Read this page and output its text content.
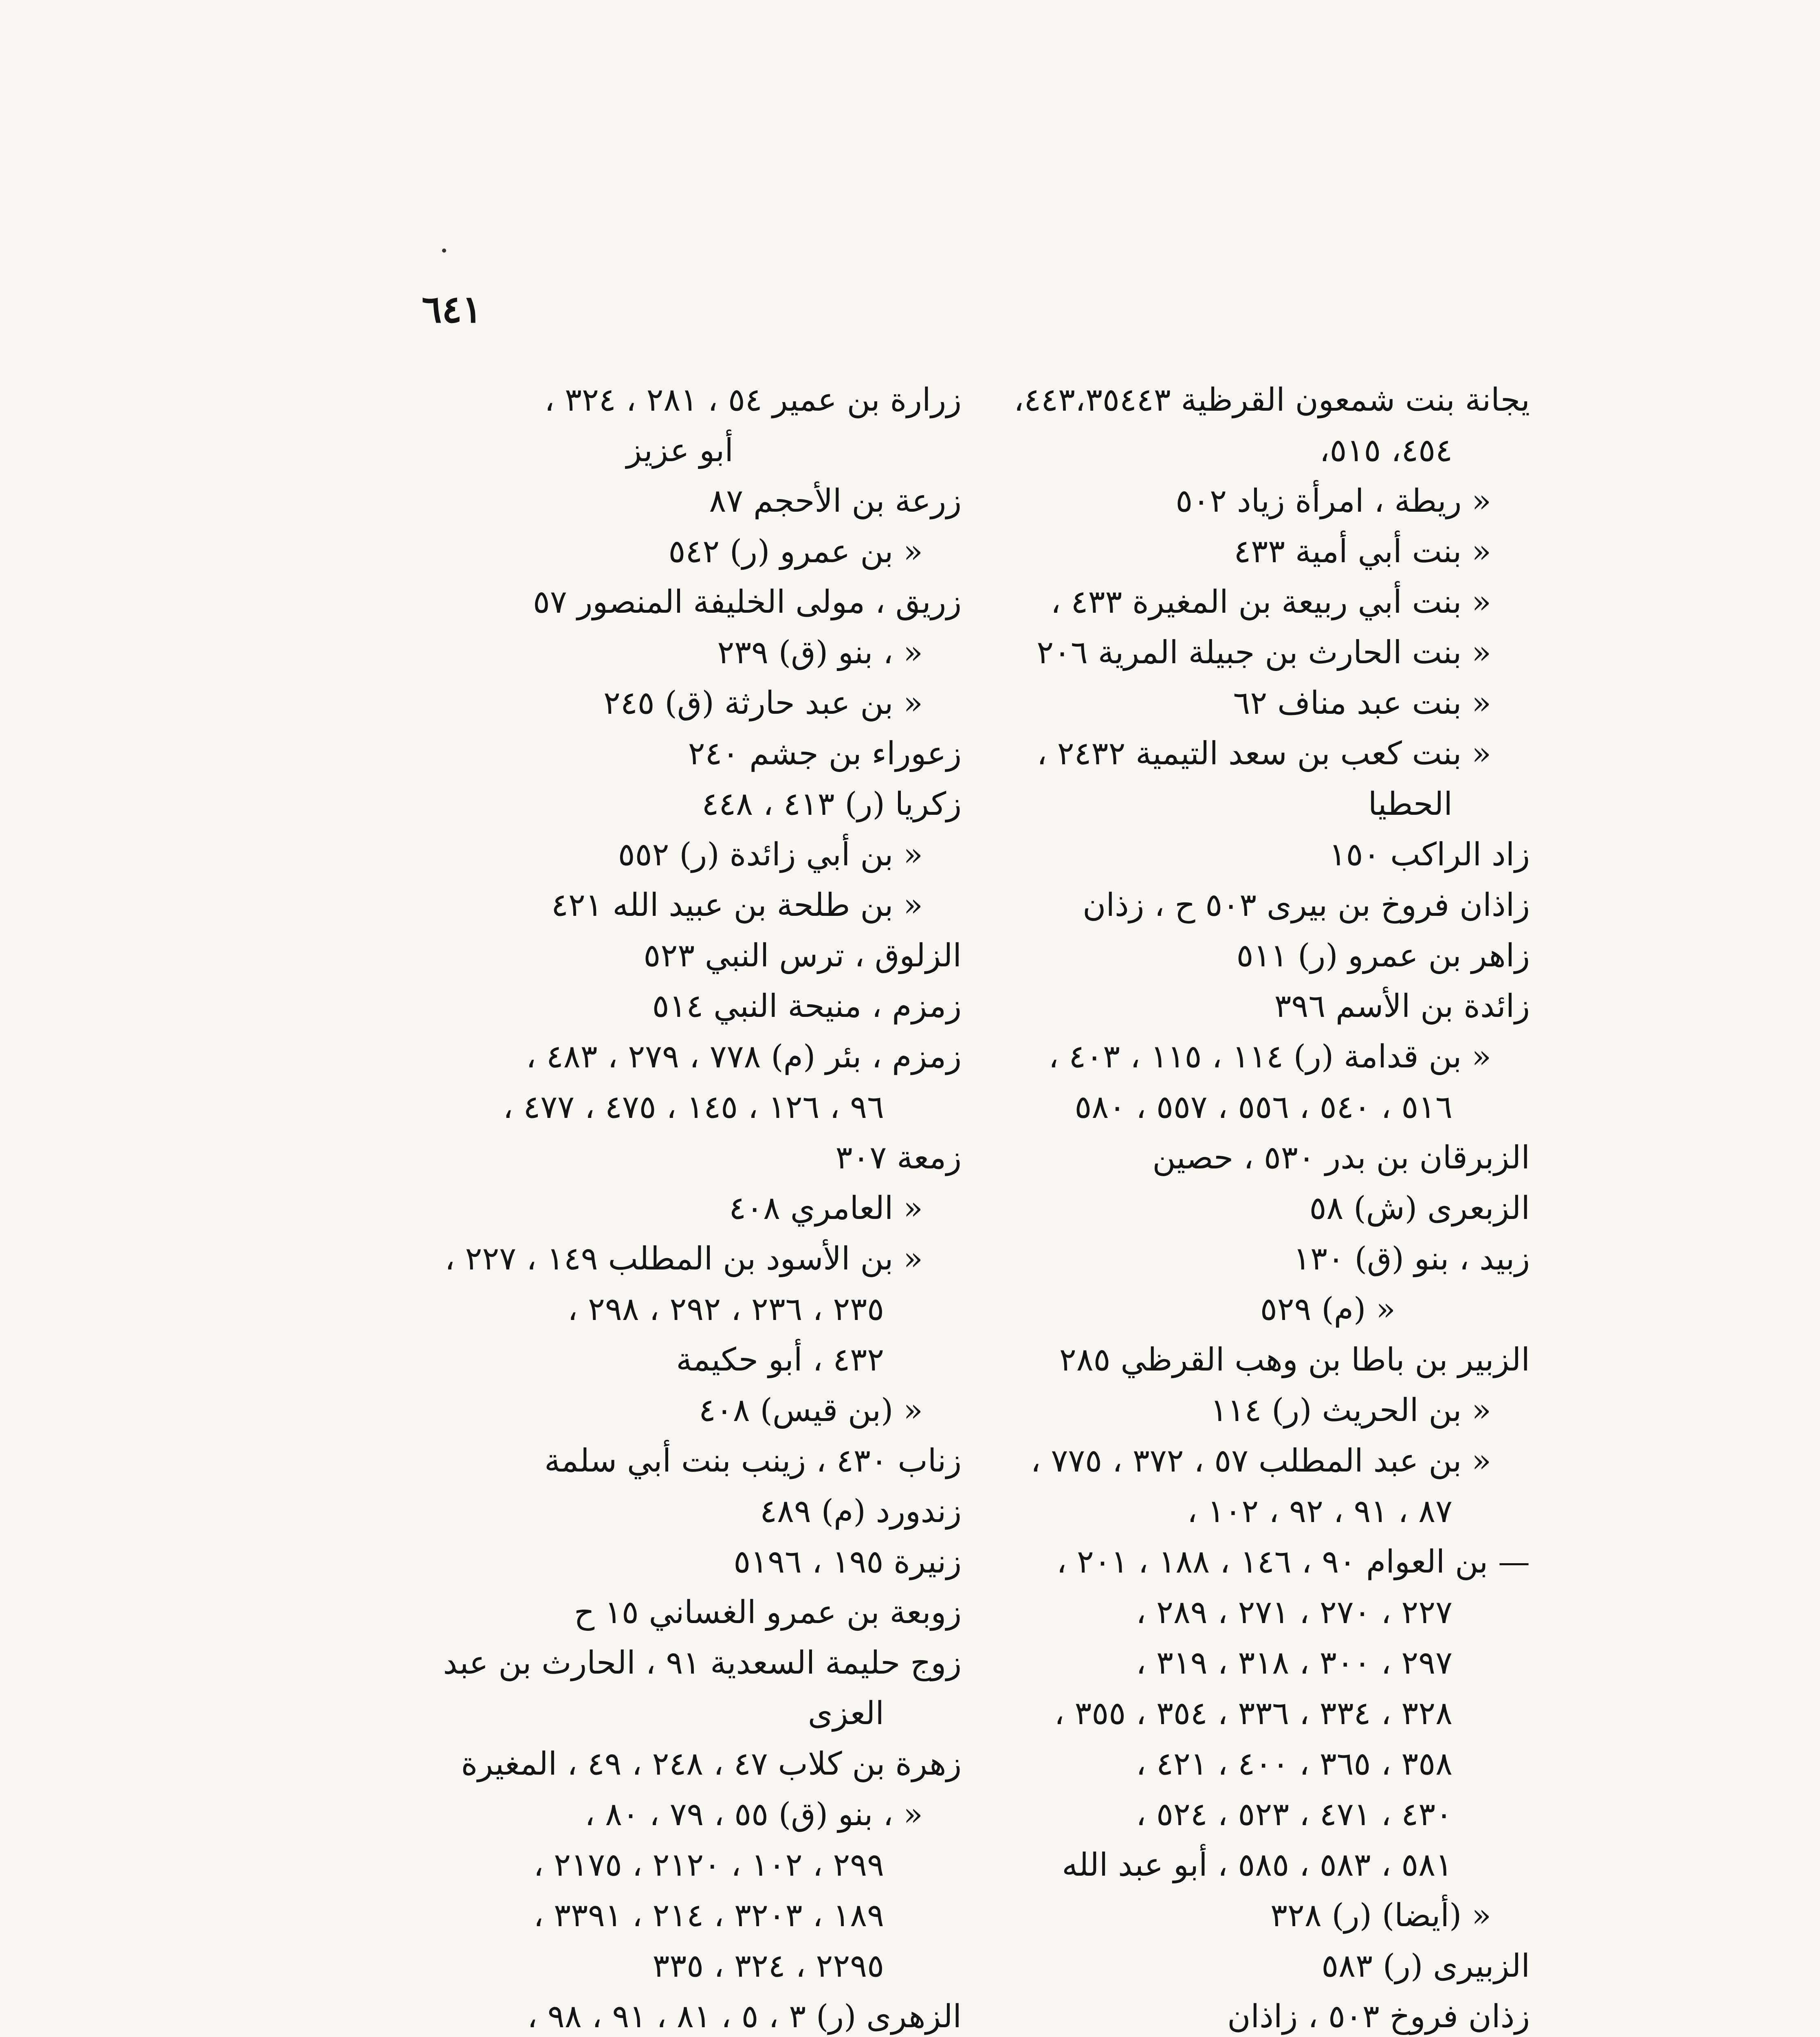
٦٤١
يجانة بنت شمعون القرظية ٤٤٣،٣٥٤٤٣،
٤٥٤، ٥١٥،
« ريطة ، امرأة زياد ٥٠٢
« بنت أبي أمية ٤٣٣
« بنت أبي ربيعة بن المغيرة ٤٣٣ ،
« بنت الحارث بن جبيلة المرية ٢٠٦
« بنت عبد مناف ٦٢
« بنت كعب بن سعد التيمية ٢٤٣٢ ،
الحطيا
زاد الراكب ١٥٠
زاذان فروخ بن بيرى ٥٠٣ ح ، زذان
زاهر بن عمرو (ر) ٥١١
زائدة بن الأسم ٣٩٦
« بن قدامة (ر) ١١٤ ، ١١٥ ، ٤٠٣ ،
٥١٦ ، ٥٤٠ ، ٥٥٦ ، ٥٥٧ ، ٥٨٠
الزبرقان بن بدر ٥٣٠ ، حصين
الزبعرى (ش) ٥٨
زبيد ، بنو (ق) ١٣٠
« (م) ٥٢٩
الزبير بن باطا بن وهب القرظي ٢٨٥
« بن الحريث (ر) ١١٤
« بن عبد المطلب ٥٧ ، ٣٧٢ ، ٧٧٥ ،
٨٧ ، ٩١ ، ٩٢ ، ١٠٢ ،
— بن العوام ٩٠ ، ١٤٦ ، ١٨٨ ، ٢٠١ ،
٢٢٧ ، ٢٧٠ ، ٢٧١ ، ٢٨٩ ،
٢٩٧ ، ٣٠٠ ، ٣١٨ ، ٣١٩ ،
٣٢٨ ، ٣٣٤ ، ٣٣٦ ، ٣٥٤ ، ٣٥٥ ،
٣٥٨ ، ٣٦٥ ، ٤٠٠ ، ٤٢١ ،
٤٣٠ ، ٤٧١ ، ٥٢٣ ، ٥٢٤ ،
٥٨١ ، ٥٨٣ ، ٥٨٥ ، أبو عبد الله
« (أيضا) (ر) ٣٢٨
الزبيرى (ر) ٥٨٣
زذان فروخ ٥٠٣ ، زاذان
زرارة بن عمير ٥٤ ، ٢٨١ ، ٣٢٤ ،
أبو عزيز
زرعة بن الأحجم ٨٧
« بن عمرو (ر) ٥٤٢
زريق ، مولى الخليفة المنصور ٥٧
« ، بنو (ق) ٢٣٩
« بن عبد حارثة (ق) ٢٤٥
زعوراء بن جشم ٢٤٠
زكريا (ر) ٤١٣ ، ٤٤٨
« بن أبي زائدة (ر) ٥٥٢
« بن طلحة بن عبيد الله ٤٢١
الزلوق ، ترس النبي ٥٢٣
زمزم ، منيحة النبي ٥١٤
زمزم ، بئر (م) ٧٧٨ ، ٢٧٩ ، ٤٨٣ ،
٩٦ ، ١٢٦ ، ١٤٥ ، ٤٧٥ ، ٤٧٧ ،
زمعة ٣٠٧
« العامري ٤٠٨
« بن الأسود بن المطلب ١٤٩ ، ٢٢٧ ،
٢٣٥ ، ٢٣٦ ، ٢٩٢ ، ٢٩٨ ،
٤٣٢ ، أبو حكيمة
« (بن قيس) ٤٠٨
زناب ٤٣٠ ، زينب بنت أبي سلمة
زندورد (م) ٤٨٩
زنيرة ١٩٥ ، ٥١٩٦
زوبعة بن عمرو الغساني ١٥ ح
زوج حليمة السعدية ٩١ ، الحارث بن عبد
العزى
زهرة بن كلاب ٤٧ ، ٢٤٨ ، ٤٩ ، المغيرة
« ، بنو (ق) ٥٥ ، ٧٩ ، ٨٠ ،
٢٩٩ ، ١٠٢ ، ٢١٢٠ ، ٢١٧٥ ،
١٨٩ ، ٣٢٠٣ ، ٢١٤ ، ٣٣٩١ ،
٢٢٩٥ ، ٣٢٤ ، ٣٣٥
الزهرى (ر) ٣ ، ٥ ، ٨١ ، ٩١ ، ٩٨ ،
